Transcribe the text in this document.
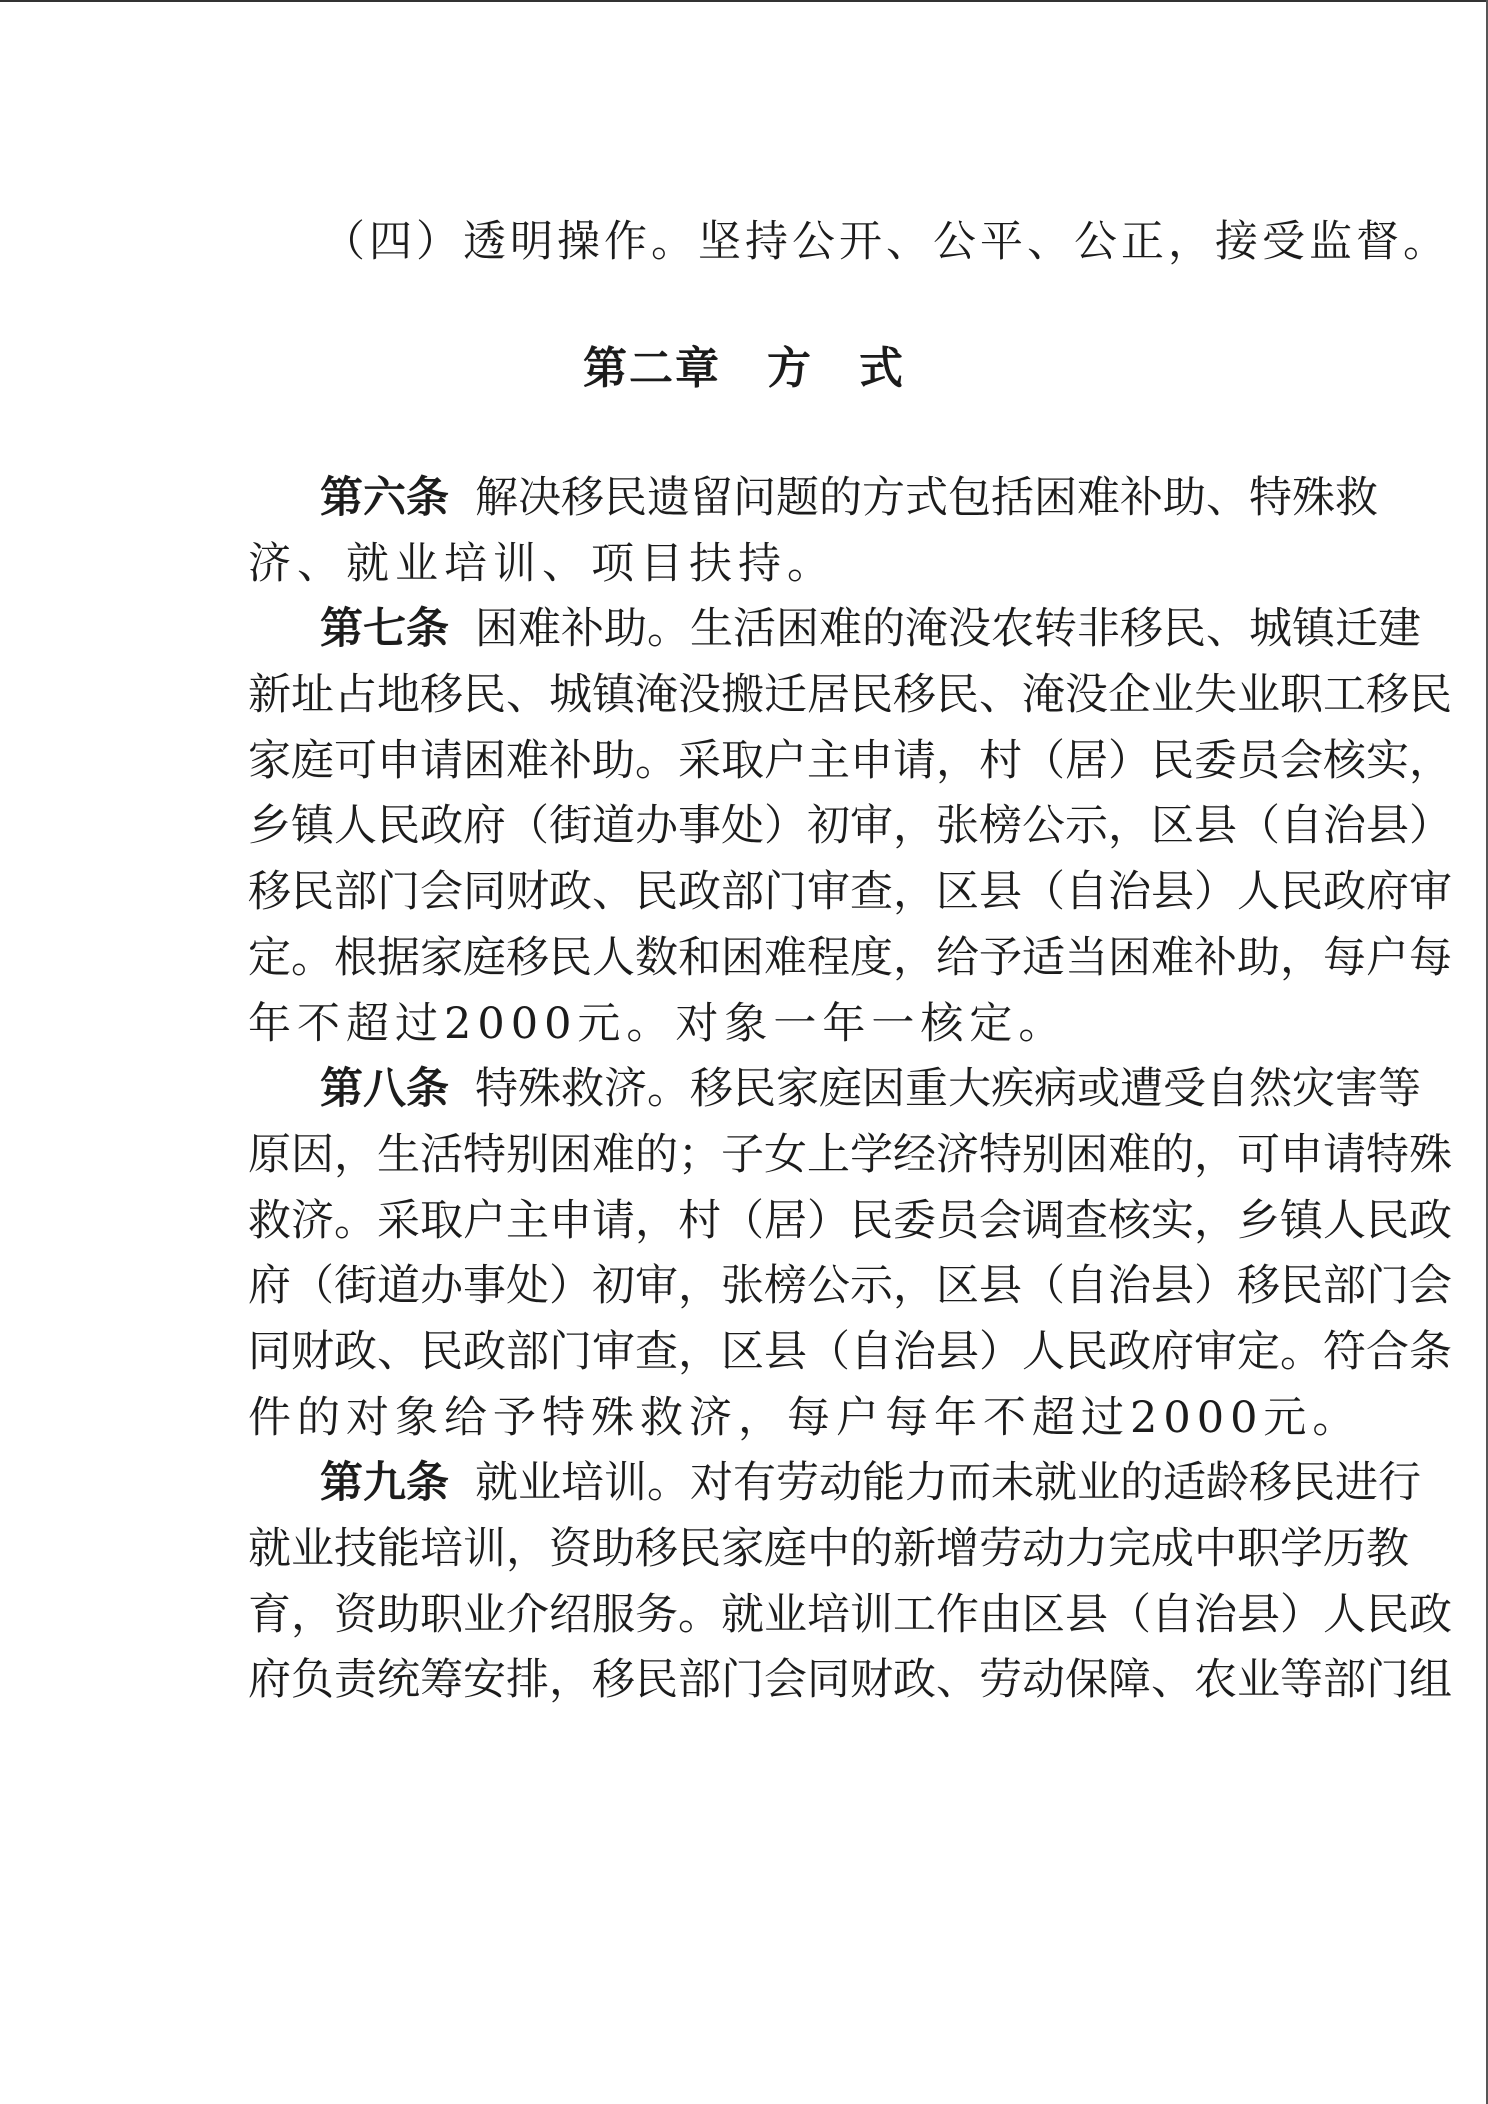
（四）透明操作。坚持公开、公平、公正，接受监督。
第二章　方　式
第六条 解决移民遗留问题的方式包括困难补助、特殊救
济、就业培训、项目扶持。
第七条 困难补助。生活困难的淹没农转非移民、城镇迁建
新址占地移民、城镇淹没搬迁居民移民、淹没企业失业职工移民
家庭可申请困难补助。采取户主申请，村（居）民委员会核实，
乡镇人民政府（街道办事处）初审，张榜公示，区县（自治县）
移民部门会同财政、民政部门审查，区县（自治县）人民政府审
定。根据家庭移民人数和困难程度，给予适当困难补助，每户每
年不超过2000元。对象一年一核定。
第八条 特殊救济。移民家庭因重大疾病或遭受自然灾害等
原因，生活特别困难的；子女上学经济特别困难的，可申请特殊
救济。采取户主申请，村（居）民委员会调查核实，乡镇人民政
府（街道办事处）初审，张榜公示，区县（自治县）移民部门会
同财政、民政部门审查，区县（自治县）人民政府审定。符合条
件的对象给予特殊救济，每户每年不超过2000元。
第九条 就业培训。对有劳动能力而未就业的适龄移民进行
就业技能培训，资助移民家庭中的新增劳动力完成中职学历教
育，资助职业介绍服务。就业培训工作由区县（自治县）人民政
府负责统筹安排，移民部门会同财政、劳动保障、农业等部门组
